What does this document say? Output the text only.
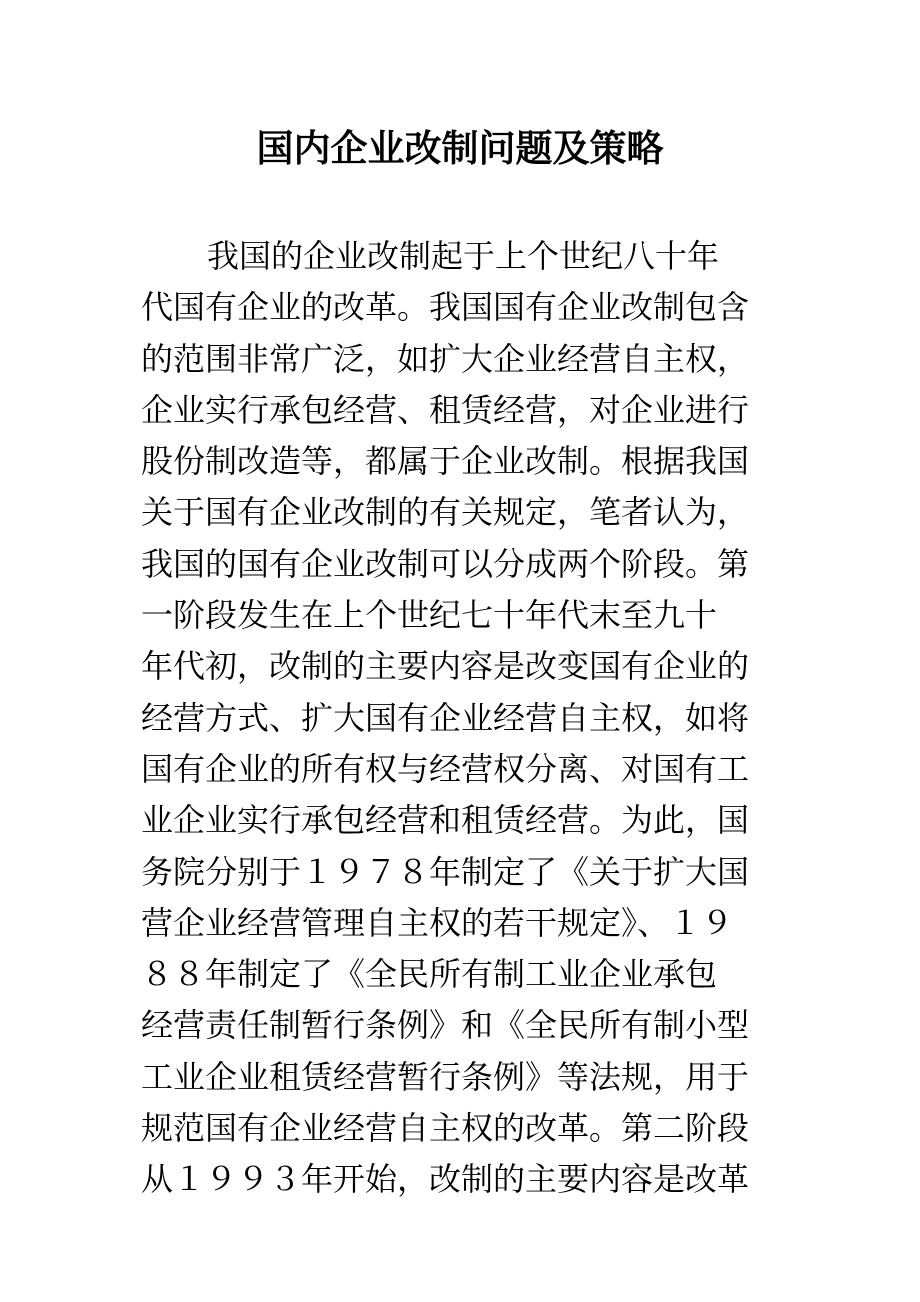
国内企业改制问题及策略
我国的企业改制起于上个世纪八十年
代国有企业的改革。我国国有企业改制包含
的范围非常广泛，如扩大企业经营自主权，
企业实行承包经营、租赁经营，对企业进行
股份制改造等，都属于企业改制。根据我国
关于国有企业改制的有关规定，笔者认为，
我国的国有企业改制可以分成两个阶段。第
一阶段发生在上个世纪七十年代末至九十
年代初，改制的主要内容是改变国有企业的
经营方式、扩大国有企业经营自主权，如将
国有企业的所有权与经营权分离、对国有工
业企业实行承包经营和租赁经营。为此，国
务院分别于１９７８年制定了《关于扩大国
营企业经营管理自主权的若干规定》、１９
８８年制定了《全民所有制工业企业承包
经营责任制暂行条例》和《全民所有制小型
工业企业租赁经营暂行条例》等法规，用于
规范国有企业经营自主权的改革。第二阶段
从１９９３年开始，改制的主要内容是改革
